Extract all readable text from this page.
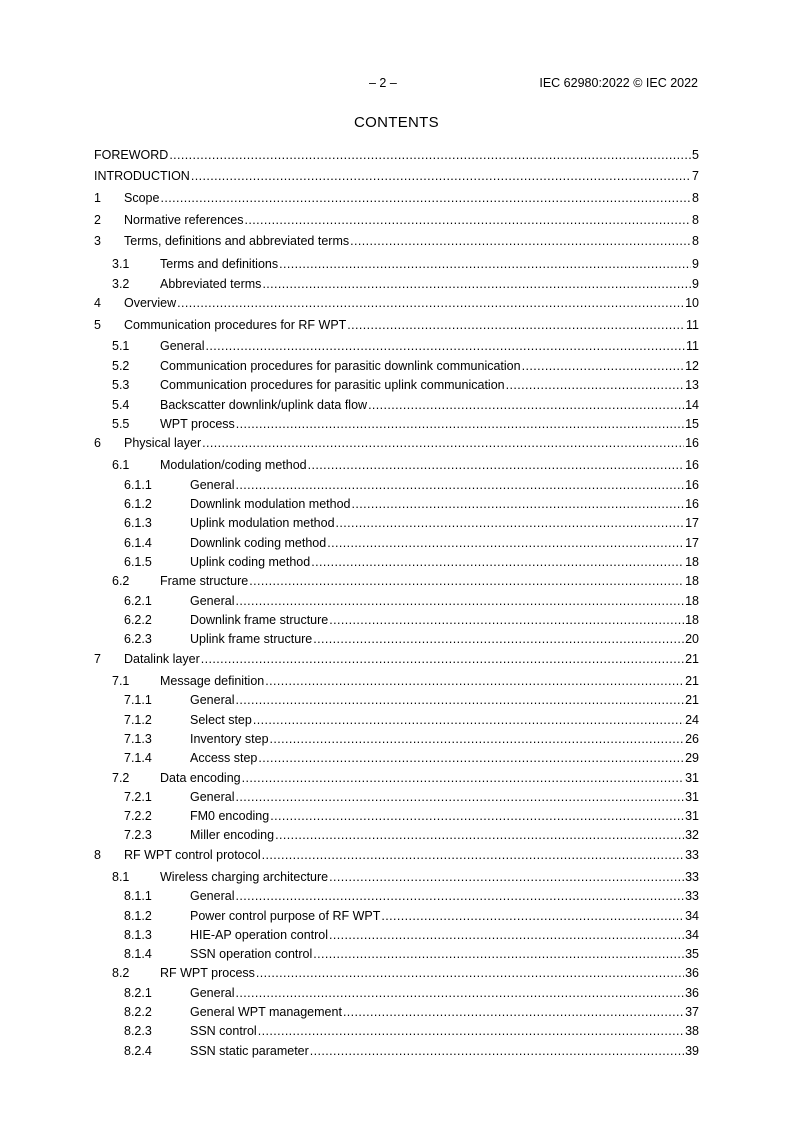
– 2 –	IEC 62980:2022 © IEC 2022
CONTENTS
FOREWORD .....	5
INTRODUCTION .....	7
1 Scope .....	8
2 Normative references .....	8
3 Terms, definitions and abbreviated terms .....	8
3.1 Terms and definitions .....	9
3.2 Abbreviated terms .....	9
4 Overview .....	10
5 Communication procedures for RF WPT .....	11
5.1 General .....	11
5.2 Communication procedures for parasitic downlink communication .....	12
5.3 Communication procedures for parasitic uplink communication .....	13
5.4 Backscatter downlink/uplink data flow .....	14
5.5 WPT process .....	15
6 Physical layer .....	16
6.1 Modulation/coding method .....	16
6.1.1	General .....	16
6.1.2	Downlink modulation method .....	16
6.1.3	Uplink modulation method .....	17
6.1.4	Downlink coding method .....	17
6.1.5	Uplink coding method .....	18
6.2 Frame structure .....	18
6.2.1	General .....	18
6.2.2	Downlink frame structure .....	18
6.2.3	Uplink frame structure .....	20
7 Datalink layer .....	21
7.1 Message definition .....	21
7.1.1	General .....	21
7.1.2	Select step .....	24
7.1.3	Inventory step .....	26
7.1.4	Access step .....	29
7.2 Data encoding .....	31
7.2.1	General .....	31
7.2.2	FM0 encoding .....	31
7.2.3	Miller encoding .....	32
8 RF WPT control protocol .....	33
8.1 Wireless charging architecture .....	33
8.1.1	General .....	33
8.1.2	Power control purpose of RF WPT .....	34
8.1.3	HIE-AP operation control .....	34
8.1.4	SSN operation control .....	35
8.2 RF WPT process .....	36
8.2.1	General .....	36
8.2.2	General WPT management .....	37
8.2.3	SSN control .....	38
8.2.4	SSN static parameter .....	39
